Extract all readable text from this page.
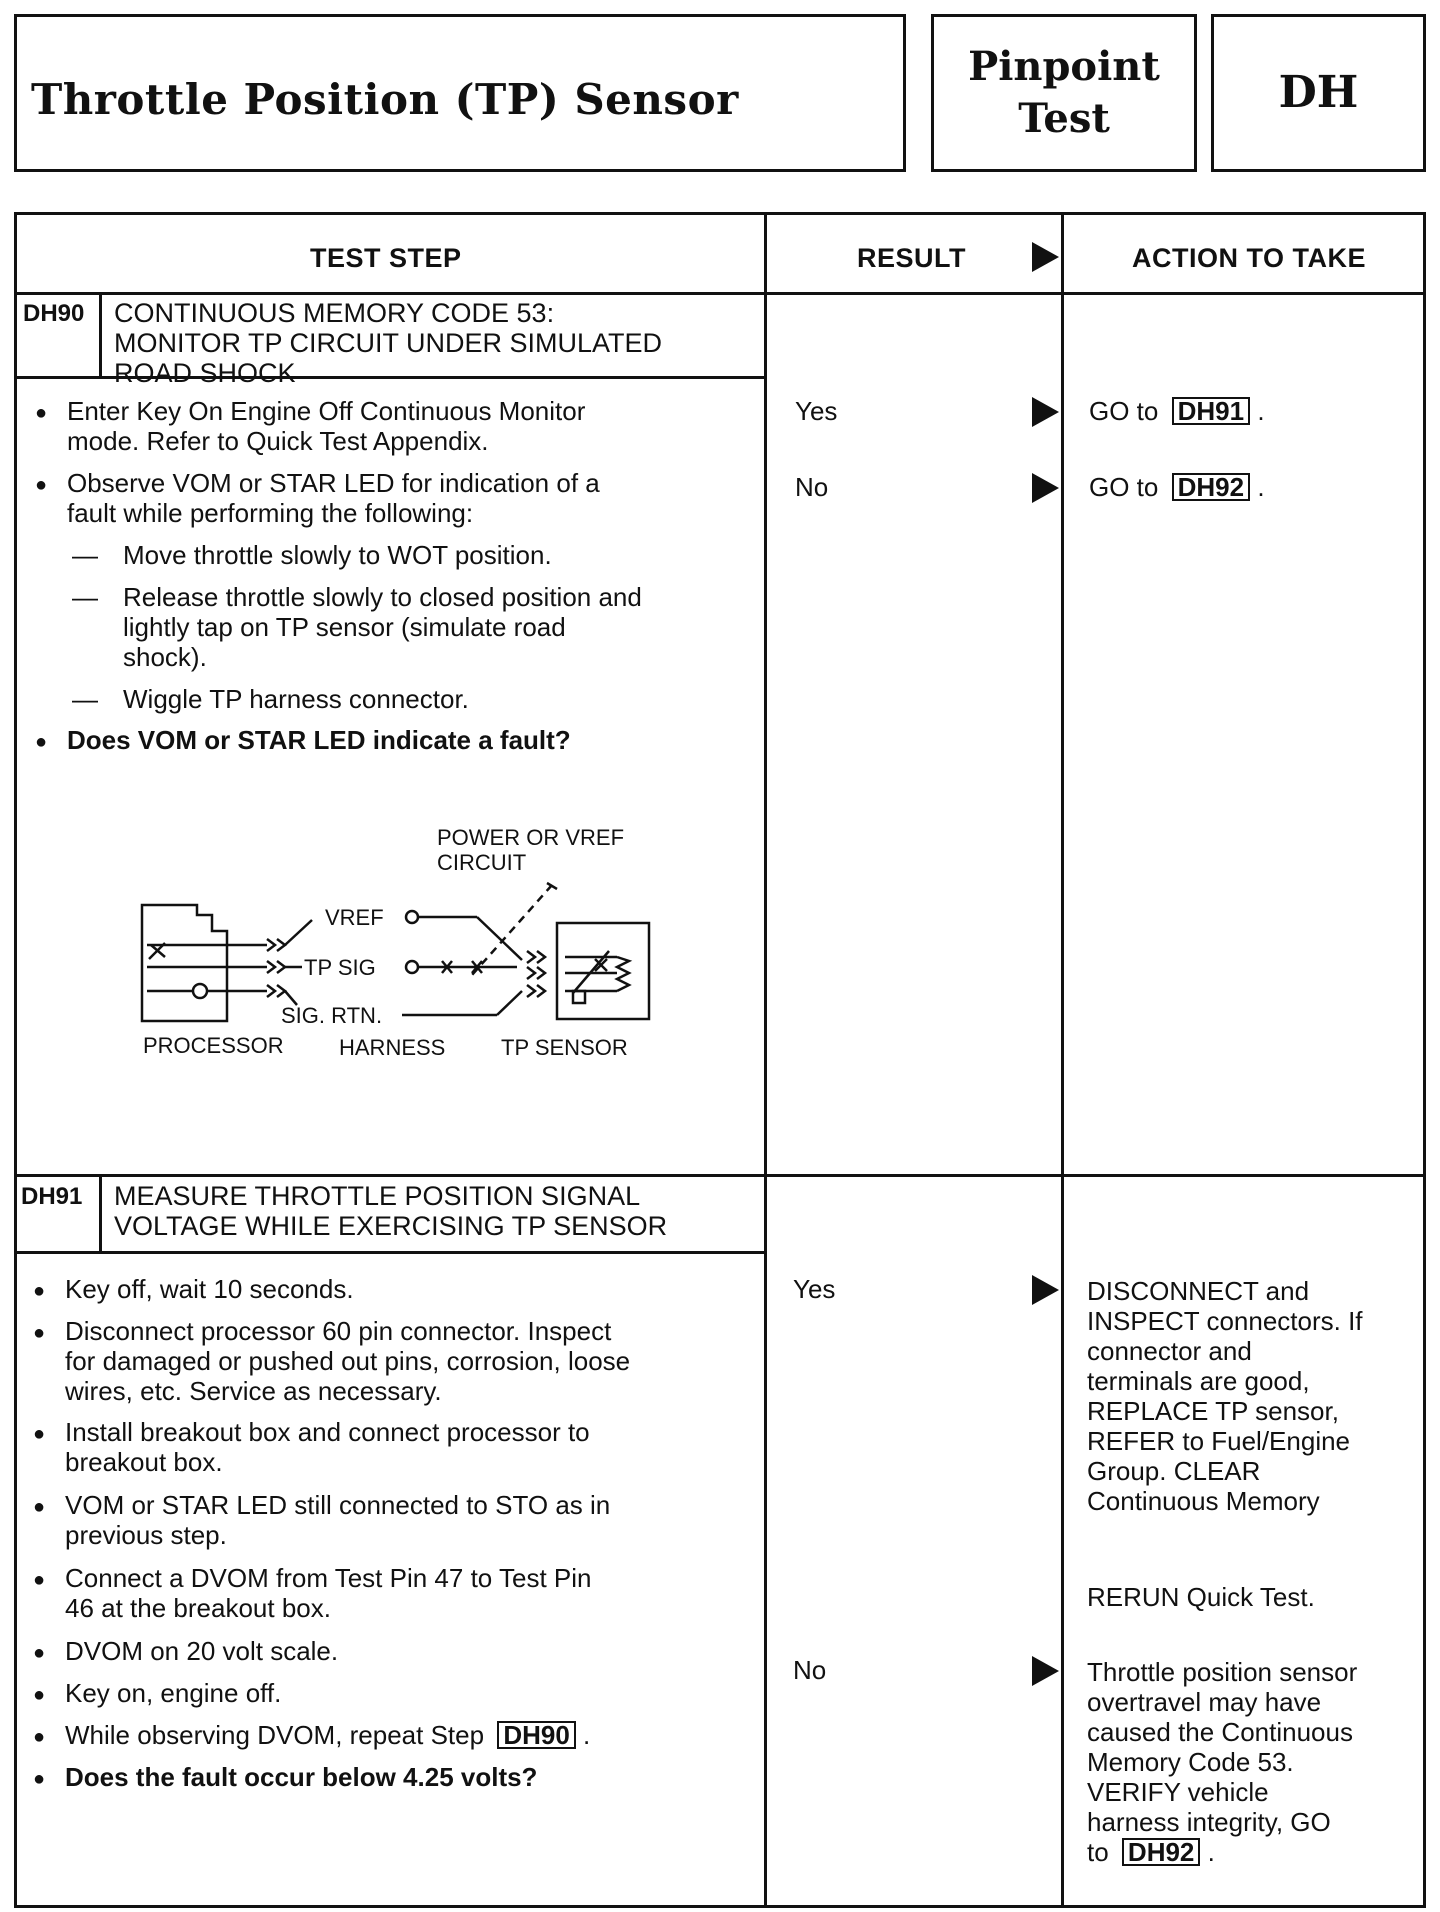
Throttle Position (TP) Sensor
Pinpoint
Test
DH
TEST STEP	RESULT	ACTION TO TAKE
DH90 CONTINUOUS MEMORY CODE 53:
MONITOR TP CIRCUIT UNDER SIMULATED
ROAD SHOCK
● Enter Key On Engine Off Continuous Monitor
mode. Refer to Quick Test Appendix.
● Observe VOM or STAR LED for indication of a
fault while performing the following:
— Move throttle slowly to WOT position.
— Release throttle slowly to closed position and
lightly tap on TP sensor (simulate road
shock).
— Wiggle TP harness connector.
● Does VOM or STAR LED indicate a fault?
Yes	GO to DH91 .
No	GO to DH92 .
POWER OR VREF
CIRCUIT
VREF
TP SIG
SIG. RTN.
PROCESSOR	HARNESS	TP SENSOR
DH91 MEASURE THROTTLE POSITION SIGNAL
VOLTAGE WHILE EXERCISING TP SENSOR
● Key off, wait 10 seconds.
● Disconnect processor 60 pin connector. Inspect
for damaged or pushed out pins, corrosion, loose
wires, etc. Service as necessary.
● Install breakout box and connect processor to
breakout box.
● VOM or STAR LED still connected to STO as in
previous step.
● Connect a DVOM from Test Pin 47 to Test Pin
46 at the breakout box.
● DVOM on 20 volt scale.
● Key on, engine off.
● While observing DVOM, repeat Step DH90 .
● Does the fault occur below 4.25 volts?
Yes	DISCONNECT and
INSPECT connectors. If
connector and
terminals are good,
REPLACE TP sensor,
REFER to Fuel/Engine
Group. CLEAR
Continuous Memory
RERUN Quick Test.
No	Throttle position sensor
overtravel may have
caused the Continuous
Memory Code 53.
VERIFY vehicle
harness integrity, GO
to DH92 .
